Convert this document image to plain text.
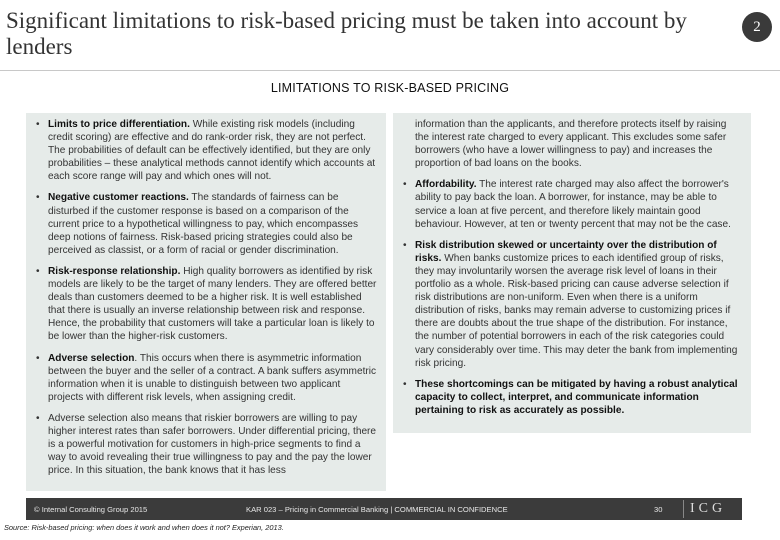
Significant limitations to risk-based pricing must be taken into account by lenders
2
LIMITATIONS TO RISK-BASED PRICING
• Limits to price differentiation. While existing risk models (including credit scoring) are effective and do rank-order risk, they are not perfect. The probabilities of default can be effectively identified, but they are only probabilities – these analytical methods cannot identify which accounts at each score range will pay and which ones will not.
• Negative customer reactions. The standards of fairness can be disturbed if the customer response is based on a comparison of the current price to a hypothetical willingness to pay, which encompasses deep notions of fairness. Risk-based pricing strategies could also be perceived as classist, or a form of racial or gender discrimination.
• Risk-response relationship. High quality borrowers as identified by risk models are likely to be the target of many lenders. They are offered better deals than customers deemed to be a higher risk. It is well established that there is usually an inverse relationship between risk and response. Hence, the probability that customers will take a particular loan is likely to be lower than the higher-risk customers.
• Adverse selection. This occurs when there is asymmetric information between the buyer and the seller of a contract. A bank suffers asymmetric information when it is unable to distinguish between two applicant projects with different risk levels, when assigning credit.
• Adverse selection also means that riskier borrowers are willing to pay higher interest rates than safer borrowers. Under differential pricing, there is a powerful motivation for customers in high-price segments to find a way to avoid revealing their true willingness to pay and the pay the lower price. In this situation, the bank knows that it has less
information than the applicants, and therefore protects itself by raising the interest rate charged to every applicant. This excludes some safer borrowers (who have a lower willingness to pay) and increases the proportion of bad loans on the books.
• Affordability. The interest rate charged may also affect the borrower's ability to pay back the loan. A borrower, for instance, may be able to service a loan at five percent, and therefore likely maintain good behaviour. However, at ten or twenty percent that may not be the case.
• Risk distribution skewed or uncertainty over the distribution of risks. When banks customize prices to each identified group of risks, they may involuntarily worsen the average risk level of loans in their portfolio as a whole. Risk-based pricing can cause adverse selection if risk distributions are non-uniform. Even when there is a uniform distribution of risks, banks may remain adverse to customizing prices if there are doubts about the true shape of the distribution. For instance, the number of potential borrowers in each of the risk categories could vary considerably over time. This may deter the bank from implementing risk pricing.
• These shortcomings can be mitigated by having a robust analytical capacity to collect, interpret, and communicate information pertaining to risk as accurately as possible.
© Internal Consulting Group 2015	KAR 023 – Pricing in Commercial Banking | COMMERCIAL IN CONFIDENCE	30	ICG
Source: Risk-based pricing: when does it work and when does it not? Experian, 2013.
